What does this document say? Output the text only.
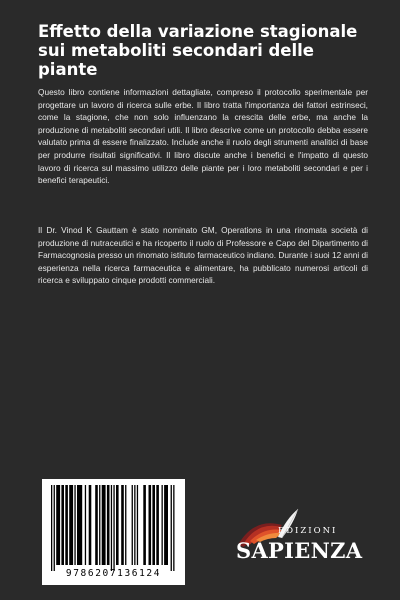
Effetto della variazione stagionale sui metaboliti secondari delle piante

Questo libro contiene informazioni dettagliate, compreso il protocollo sperimentale per progettare un lavoro di ricerca sulle erbe. Il libro tratta l'importanza dei fattori estrinseci, come la stagione, che non solo influenzano la crescita delle erbe, ma anche la produzione di metaboliti secondari utili. Il libro descrive come un protocollo debba essere valutato prima di essere finalizzato. Include anche il ruolo degli strumenti analitici di base per produrre risultati significativi. Il libro discute anche i benefici e l'impatto di questo lavoro di ricerca sul massimo utilizzo delle piante per i loro metaboliti secondari e per i benefici terapeutici.

Il Dr. Vinod K Gauttam è stato nominato GM, Operations in una rinomata società di produzione di nutraceutici e ha ricoperto il ruolo di Professore e Capo del Dipartimento di Farmacognosia presso un rinomato istituto farmaceutico indiano. Durante i suoi 12 anni di esperienza nella ricerca farmaceutica e alimentare, ha pubblicato numerosi articoli di ricerca e sviluppato cinque prodotti commerciali.

9786207136124
EDIZIONI
SAPIENZA
